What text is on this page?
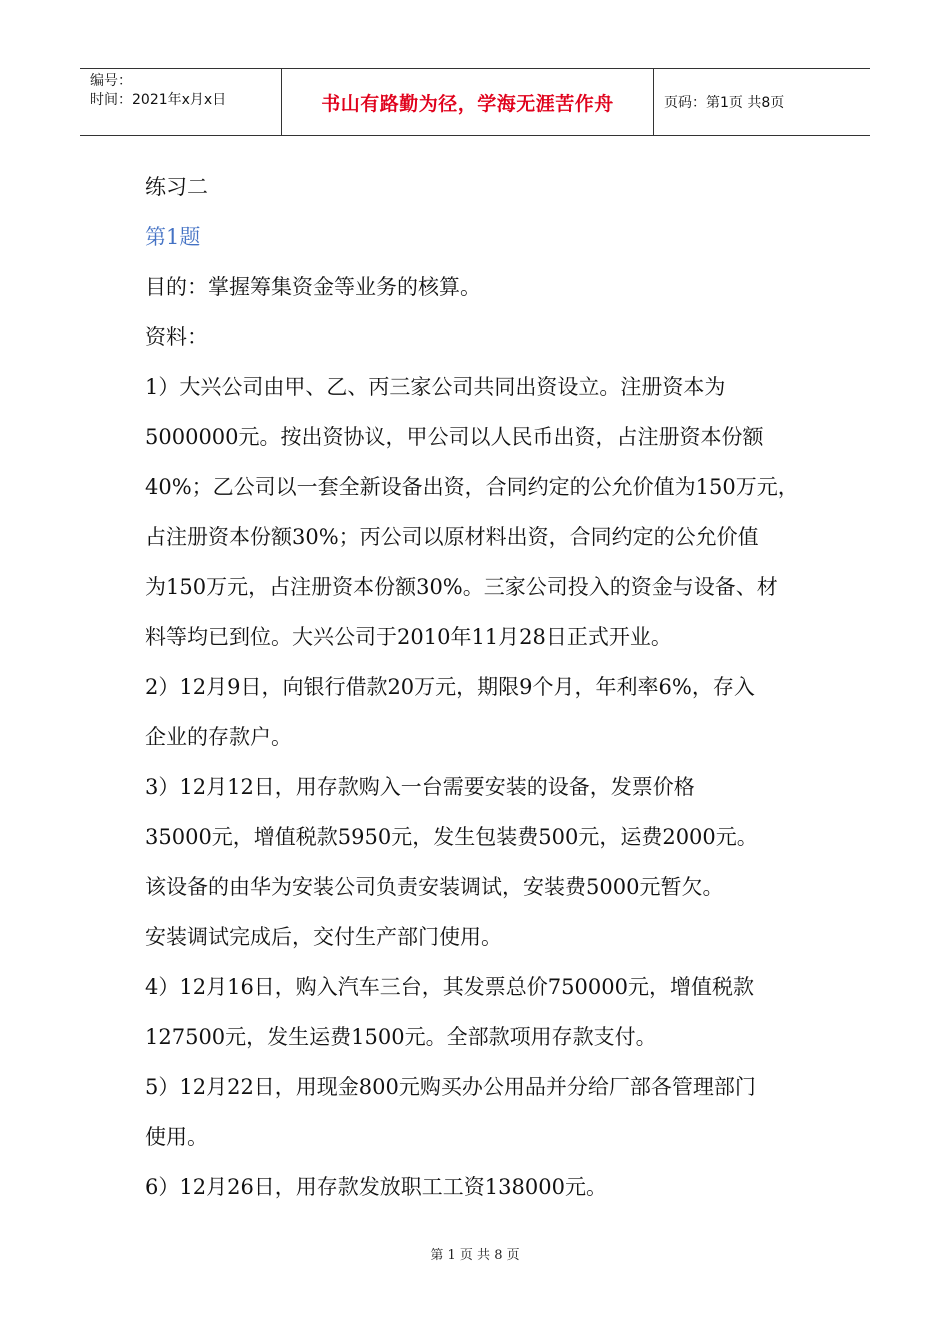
编号：
时间：2021年x月x日	书山有路勤为径，学海无涯苦作舟	页码：第1页 共8页

练习二

第1题

目的：掌握筹集资金等业务的核算。

资料：

1）大兴公司由甲、乙、丙三家公司共同出资设立。注册资本为

5000000元。按出资协议，甲公司以人民币出资，占注册资本份额

40%；乙公司以一套全新设备出资，合同约定的公允价值为150万元，

占注册资本份额30%；丙公司以原材料出资，合同约定的公允价值

为150万元，占注册资本份额30%。三家公司投入的资金与设备、材

料等均已到位。大兴公司于2010年11月28日正式开业。

2）12月9日，向银行借款20万元，期限9个月，年利率6%，存入

企业的存款户。

3）12月12日，用存款购入一台需要安装的设备，发票价格

35000元，增值税款5950元，发生包装费500元，运费2000元。

该设备的由华为安装公司负责安装调试，安装费5000元暂欠。

安装调试完成后，交付生产部门使用。

4）12月16日，购入汽车三台，其发票总价750000元，增值税款

127500元，发生运费1500元。全部款项用存款支付。

5）12月22日，用现金800元购买办公用品并分给厂部各管理部门

使用。

6）12月26日，用存款发放职工工资138000元。

第 1 页 共 8 页
